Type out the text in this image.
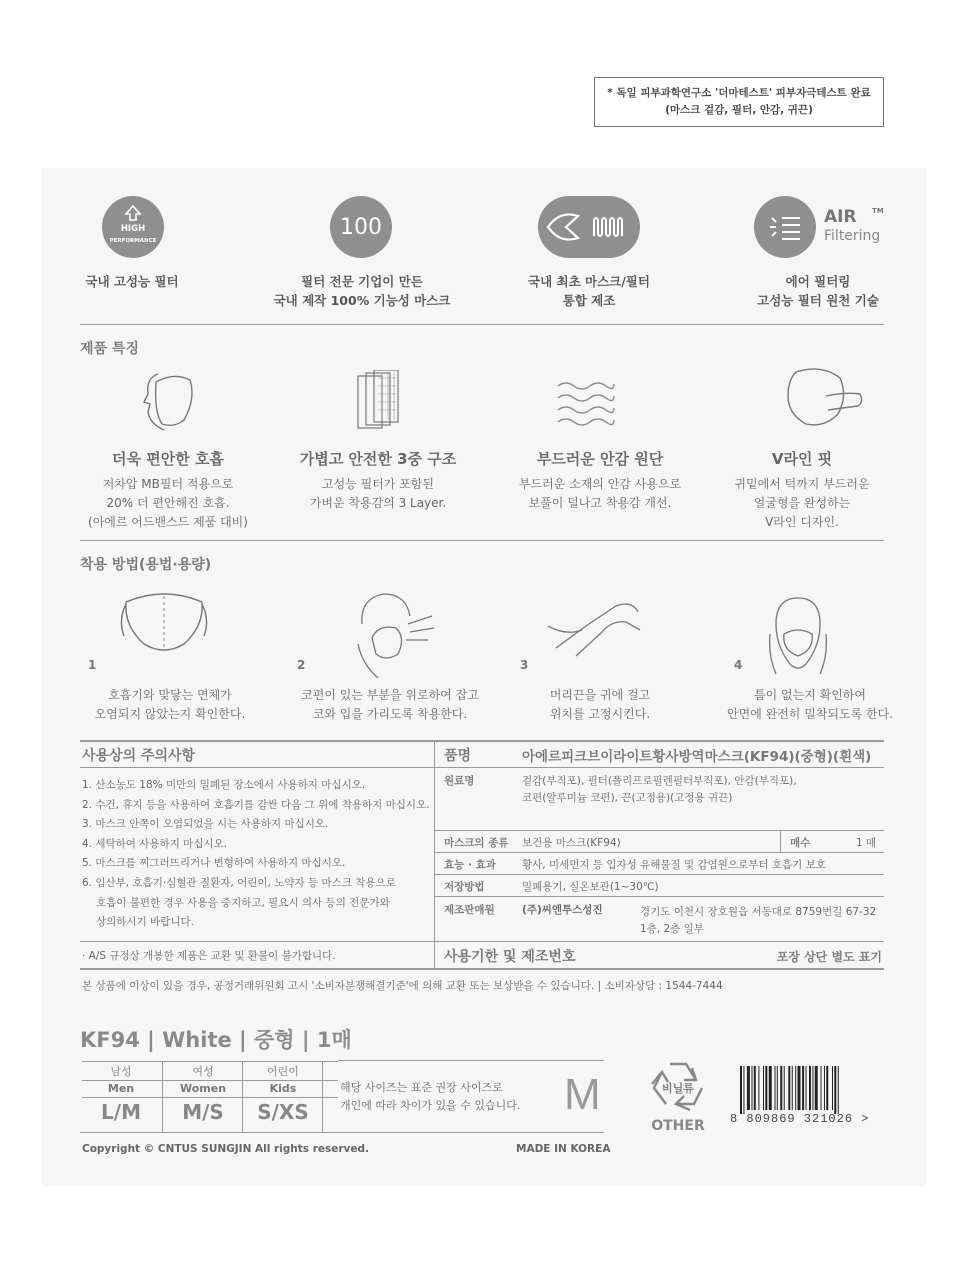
* 독일 피부과학연구소 '더마테스트' 피부자극테스트 완료
(마스크 겉감, 필터, 안감, 귀끈)
HIGH
PERFORMANCE
국내 고성능 필터
100
필터 전문 기업이 만든
국내 제작 100% 기능성 마스크
국내 최초 마스크/필터
통합 제조
AIR TM
Filtering
에어 필터링
고성능 필터 원천 기술
제품 특징
더욱 편안한 호흡
저차압 MB필터 적용으로
20% 더 편안해진 호흡.
(아에르 어드밴스드 제품 대비)
가볍고 안전한 3중 구조
고성능 필터가 포함된
가벼운 착용감의 3 Layer.
부드러운 안감 원단
부드러운 소재의 안감 사용으로
보풀이 덜나고 착용감 개선.
V라인 핏
귀밑에서 턱까지 부드러운
얼굴형을 완성하는
V라인 디자인.
착용 방법(용법·용량)
1	2	3	4
호흡기와 맞닿는 면체가
오염되지 않았는지 확인한다.
코편이 있는 부분을 위로하여 잡고
코와 입을 가리도록 착용한다.
머리끈을 귀에 걸고
위치를 고정시킨다.
틈이 없는지 확인하여
안면에 완전히 밀착되도록 한다.
사용상의 주의사항
1. 산소농도 18% 미만의 밀폐된 장소에서 사용하지 마십시오.
2. 수건, 휴지 등을 사용하여 호흡기를 감싼 다음 그 위에 착용하지 마십시오.
3. 마스크 안쪽이 오염되었을 시는 사용하지 마십시오.
4. 세탁하여 사용하지 마십시오.
5. 마스크를 찌그러뜨리거나 변형하여 사용하지 마십시오.
6. 임산부, 호흡기·심혈관 질환자, 어린이, 노약자 등 마스크 착용으로
호흡이 불편한 경우 사용을 중지하고, 필요시 의사 등의 전문가와
상의하시기 바랍니다.
· A/S 규정상 개봉한 제품은 교환 및 환불이 불가합니다.
품명	아에르피크브이라이트황사방역마스크(KF94)(중형)(흰색)
원료명	겉감(부직포), 필터(폴리프로필렌필터부직포), 안감(부직포),
코편(알루미늄 코편), 끈(고정용)(고정용 귀끈)
마스크의 종류 보건용 마스크(KF94)	매수	1 매
효능 · 효과 황사, 미세먼지 등 입자성 유해물질 및 감염원으로부터 호흡기 보호
저장방법	밀폐용기, 실온보관(1~30℃)
제조판매원	(주)씨엔투스성진	경기도 이천시 장호원읍 서동대로 8759번길 67-32
1층, 2층 일부
사용기한 및 제조번호	포장 상단 별도 표기
본 상품에 이상이 있을 경우, 공정거래위원회 고시 '소비자분쟁해결기준'에 의해 교환 또는 보상받을 수 있습니다. | 소비자상담 : 1544-7444
KF94 | White | 중형 | 1매
남성	여성	어린이
Men	Women	Kids
L/M	M/S	S/XS
해당 사이즈는 표준 권장 사이즈로
개인에 따라 차이가 있을 수 있습니다. M
Copyright © CNTUS SUNGJIN All rights reserved.	MADE IN KOREA
비닐류
OTHER	8 809869 321026 >
